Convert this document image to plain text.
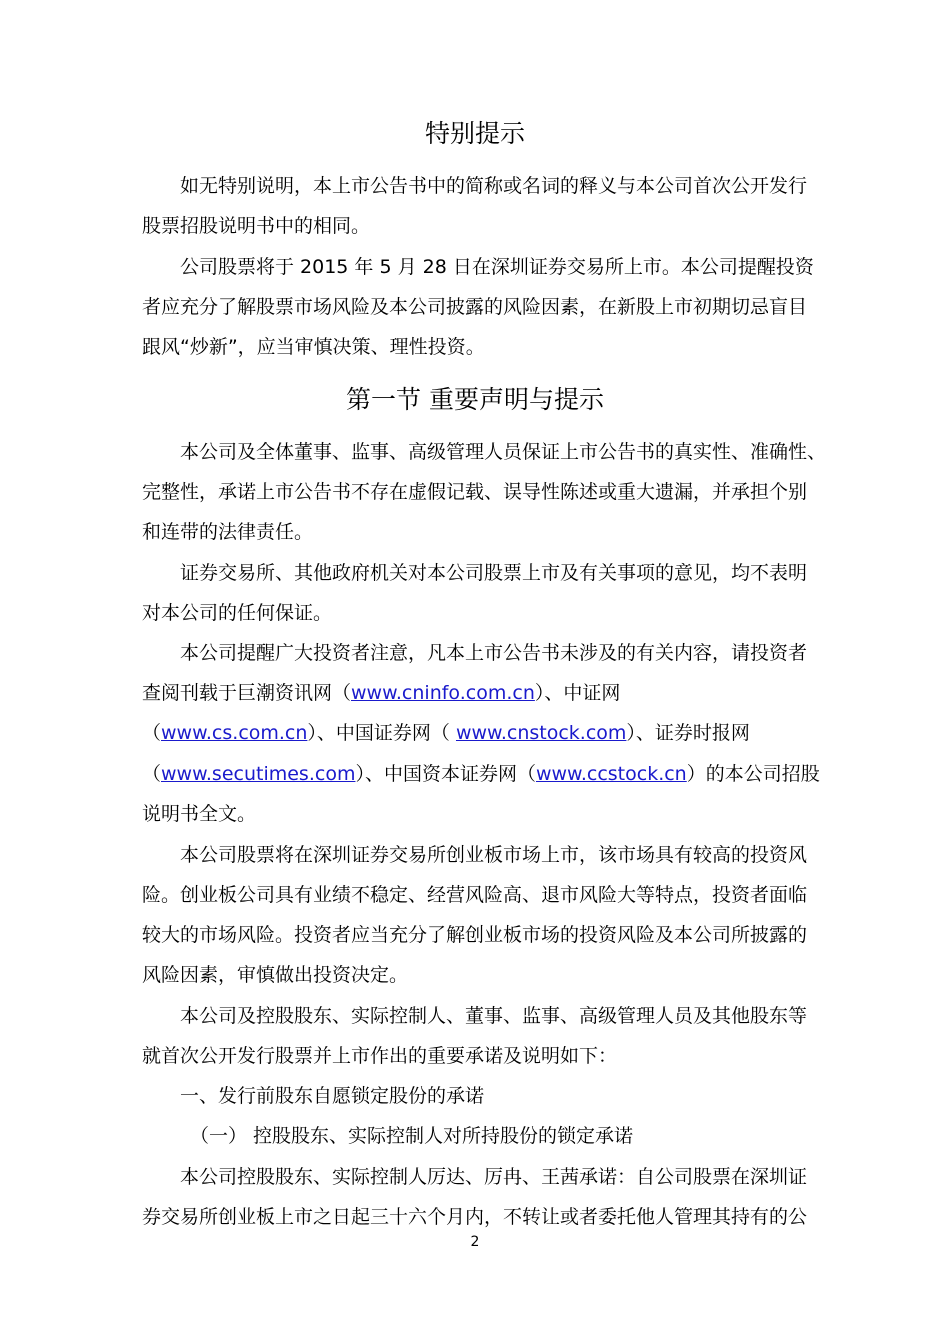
特别提示
如无特别说明，本上市公告书中的简称或名词的释义与本公司首次公开发行
股票招股说明书中的相同。
公司股票将于 2015 年 5 月 28 日在深圳证券交易所上市。本公司提醒投资
者应充分了解股票市场风险及本公司披露的风险因素，在新股上市初期切忌盲目
跟风“炒新”，应当审慎决策、理性投资。
第一节 重要声明与提示
本公司及全体董事、监事、高级管理人员保证上市公告书的真实性、准确性、
完整性，承诺上市公告书不存在虚假记载、误导性陈述或重大遗漏，并承担个别
和连带的法律责任。
证券交易所、其他政府机关对本公司股票上市及有关事项的意见，均不表明
对本公司的任何保证。
本公司提醒广大投资者注意，凡本上市公告书未涉及的有关内容，请投资者
查阅刊载于巨潮资讯网（www.cninfo.com.cn）、中证网
（www.cs.com.cn）、中国证券网（ www.cnstock.com）、证券时报网
（www.secutimes.com）、中国资本证券网（www.ccstock.cn）的本公司招股
说明书全文。
本公司股票将在深圳证券交易所创业板市场上市，该市场具有较高的投资风
险。创业板公司具有业绩不稳定、经营风险高、退市风险大等特点，投资者面临
较大的市场风险。投资者应当充分了解创业板市场的投资风险及本公司所披露的
风险因素，审慎做出投资决定。
本公司及控股股东、实际控制人、董事、监事、高级管理人员及其他股东等
就首次公开发行股票并上市作出的重要承诺及说明如下：
一、发行前股东自愿锁定股份的承诺
（一） 控股股东、实际控制人对所持股份的锁定承诺
本公司控股股东、实际控制人厉达、厉冉、王茜承诺：自公司股票在深圳证
券交易所创业板上市之日起三十六个月内，不转让或者委托他人管理其持有的公
2
